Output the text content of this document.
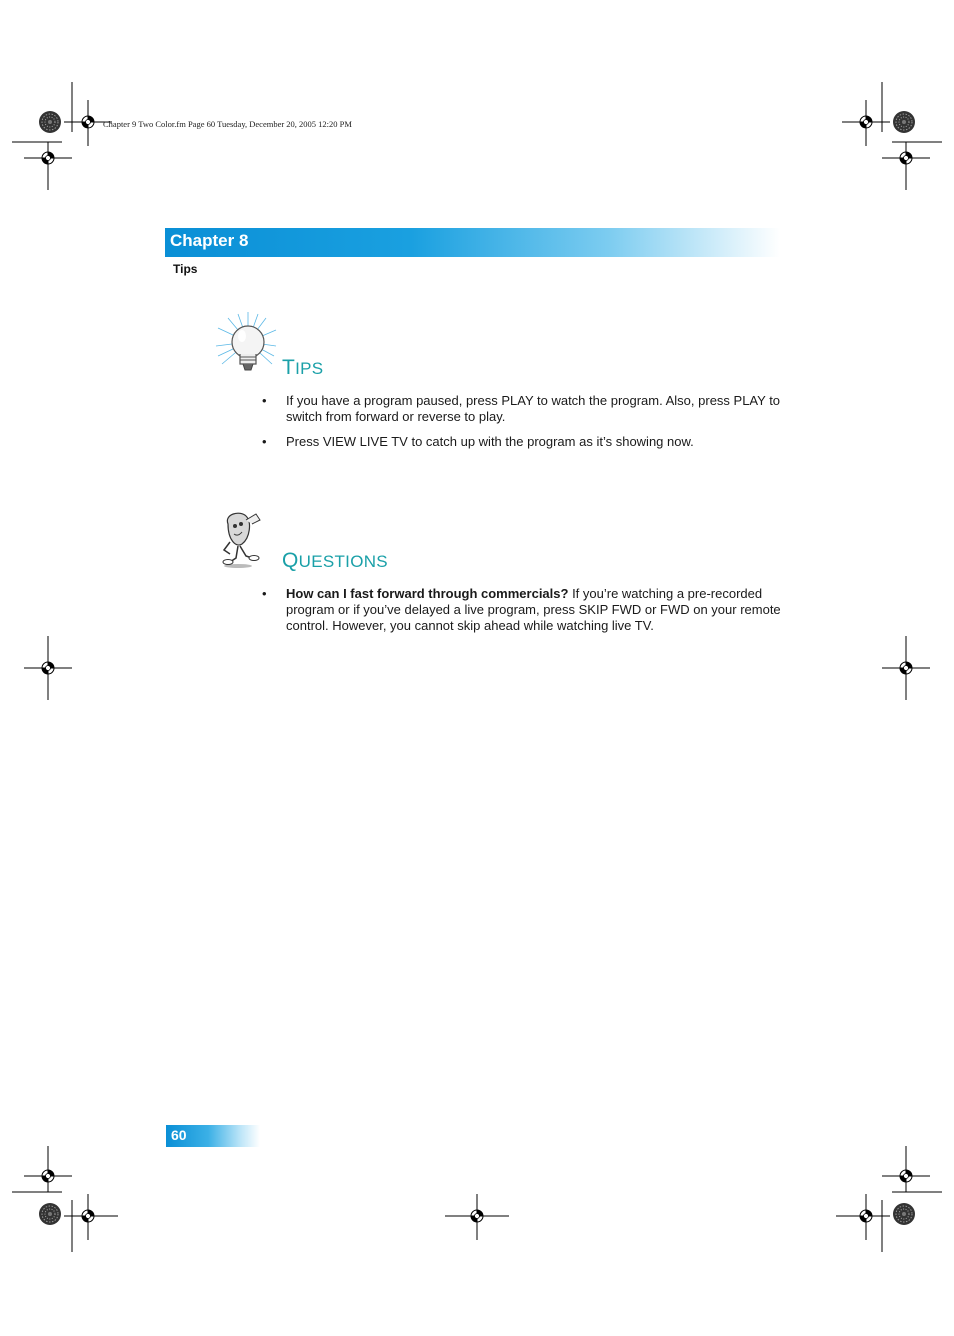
Chapter 9 Two Color.fm Page 60 Tuesday, December 20, 2005 12:20 PM
Chapter 8
Tips
TIPS
• If you have a program paused, press PLAY to watch the program. Also, press PLAY to switch from forward or reverse to play.
• Press VIEW LIVE TV to catch up with the program as it’s showing now.
QUESTIONS
• How can I fast forward through commercials? If you’re watching a pre-recorded program or if you’ve delayed a live program, press SKIP FWD or FWD on your remote control. However, you cannot skip ahead while watching live TV.
60
